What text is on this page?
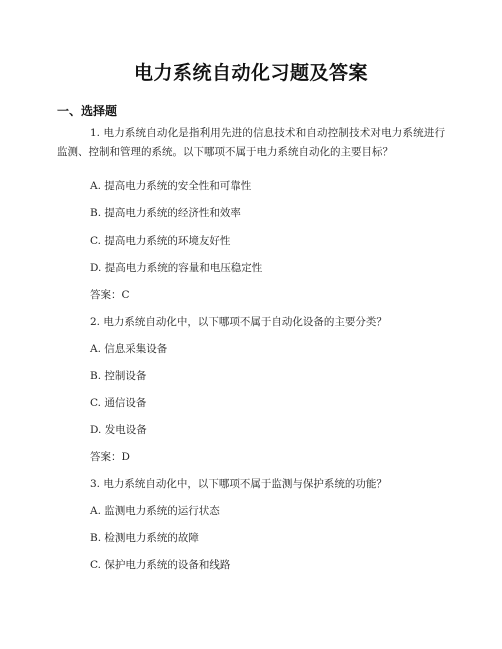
电力系统自动化习题及答案
一、选择题
1. 电力系统自动化是指利用先进的信息技术和自动控制技术对电力系统进行监测、控制和管理的系统。以下哪项不属于电力系统自动化的主要目标？
A. 提高电力系统的安全性和可靠性
B. 提高电力系统的经济性和效率
C. 提高电力系统的环境友好性
D. 提高电力系统的容量和电压稳定性
答案：C
2. 电力系统自动化中，以下哪项不属于自动化设备的主要分类？
A. 信息采集设备
B. 控制设备
C. 通信设备
D. 发电设备
答案：D
3. 电力系统自动化中，以下哪项不属于监测与保护系统的功能？
A. 监测电力系统的运行状态
B. 检测电力系统的故障
C. 保护电力系统的设备和线路
